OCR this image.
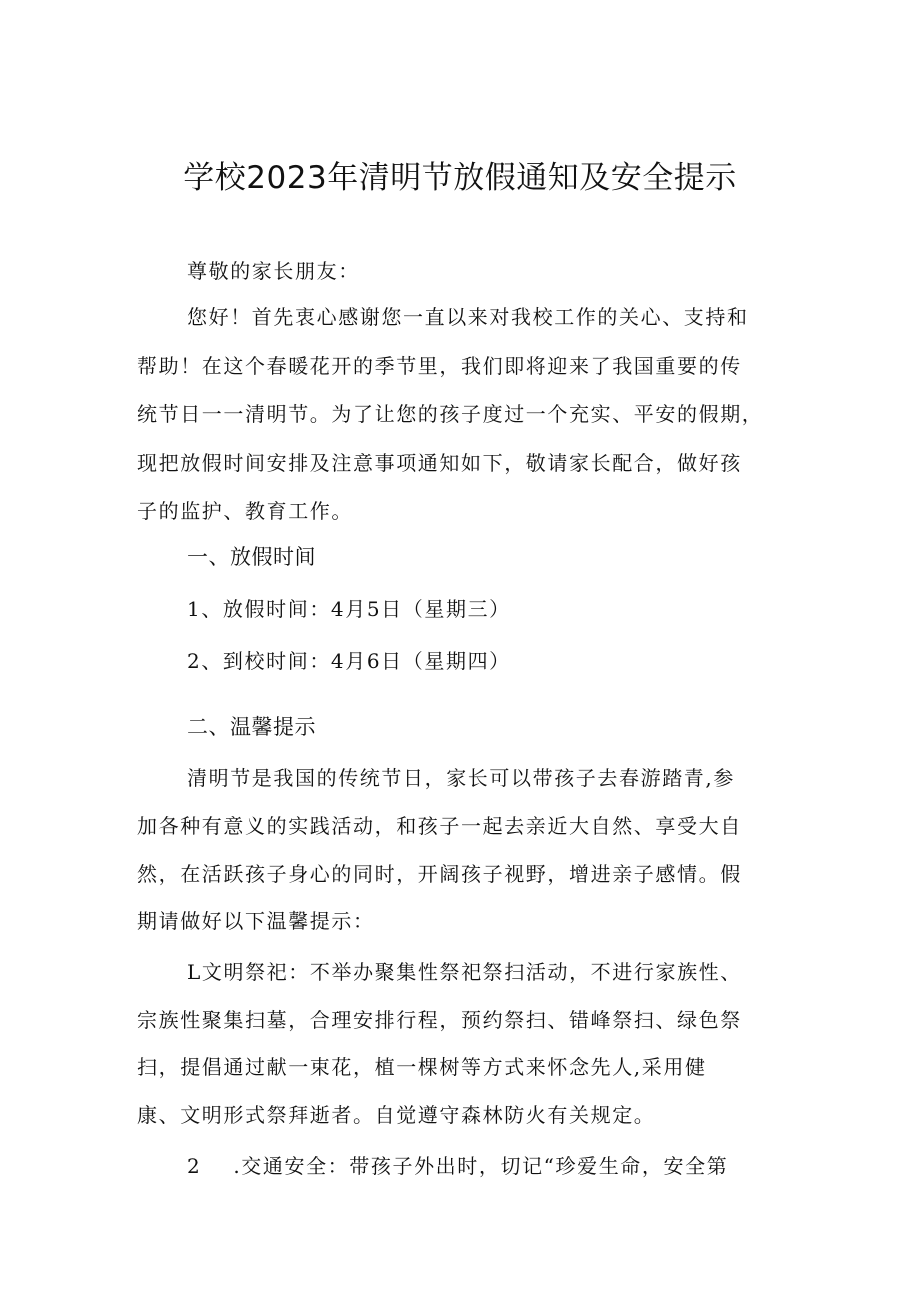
学校2023年清明节放假通知及安全提示
尊敬的家长朋友：
您好！首先衷心感谢您一直以来对我校工作的关心、支持和
帮助！在这个春暖花开的季节里，我们即将迎来了我国重要的传
统节日一一清明节。为了让您的孩子度过一个充实、平安的假期，
现把放假时间安排及注意事项通知如下，敬请家长配合，做好孩
子的监护、教育工作。
一、放假时间
1、放假时间：4月5日（星期三）
2、到校时间：4月6日（星期四）
二、温馨提示
清明节是我国的传统节日，家长可以带孩子去春游踏青,参
加各种有意义的实践活动，和孩子一起去亲近大自然、享受大自
然，在活跃孩子身心的同时，开阔孩子视野，增进亲子感情。假
期请做好以下温馨提示：
L文明祭祀：不举办聚集性祭祀祭扫活动，不进行家族性、
宗族性聚集扫墓，合理安排行程，预约祭扫、错峰祭扫、绿色祭
扫，提倡通过献一束花，植一棵树等方式来怀念先人,采用健
康、文明形式祭拜逝者。自觉遵守森林防火有关规定。
2 .交通安全：带孩子外出时，切记“珍爱生命，安全第
